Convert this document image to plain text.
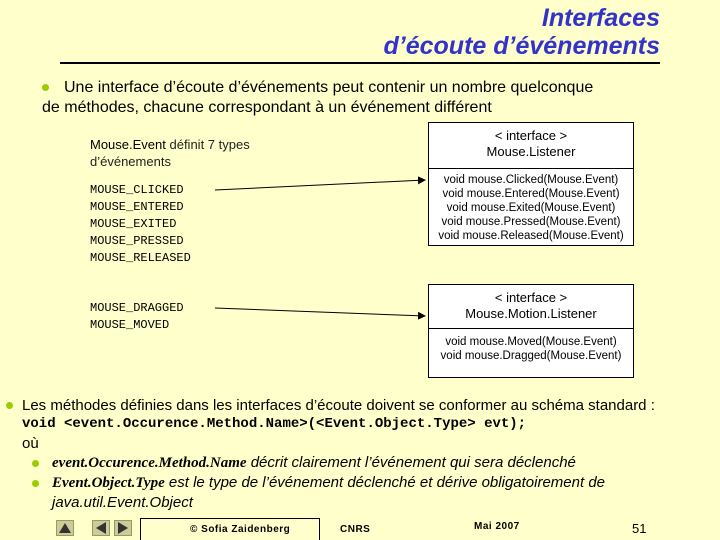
Interfaces
d’écoute d’événements
Une interface d’écoute d’événements peut contenir un nombre quelconque
de méthodes, chacune correspondant à un événement différent
Mouse.Event définit 7 types
d’événements
MOUSE_CLICKED
MOUSE_ENTERED
MOUSE_EXITED
MOUSE_PRESSED
MOUSE_RELEASED
MOUSE_DRAGGED
MOUSE_MOVED
< interface >
Mouse.Listener
void mouse.Clicked(Mouse.Event)
void mouse.Entered(Mouse.Event)
void mouse.Exited(Mouse.Event)
void mouse.Pressed(Mouse.Event)
void mouse.Released(Mouse.Event)
< interface >
Mouse.Motion.Listener
void mouse.Moved(Mouse.Event)
void mouse.Dragged(Mouse.Event)
Les méthodes définies dans les interfaces d’écoute doivent se conformer au schéma standard :
void <event.Occurence.Method.Name>(<Event.Object.Type> evt);
où
event.Occurence.Method.Name décrit clairement l’événement qui sera déclenché
Event.Object.Type est le type de l’événement déclenché et dérive obligatoirement de
java.util.Event.Object
© Sofia Zaidenberg	CNRS	Mai 2007	51
